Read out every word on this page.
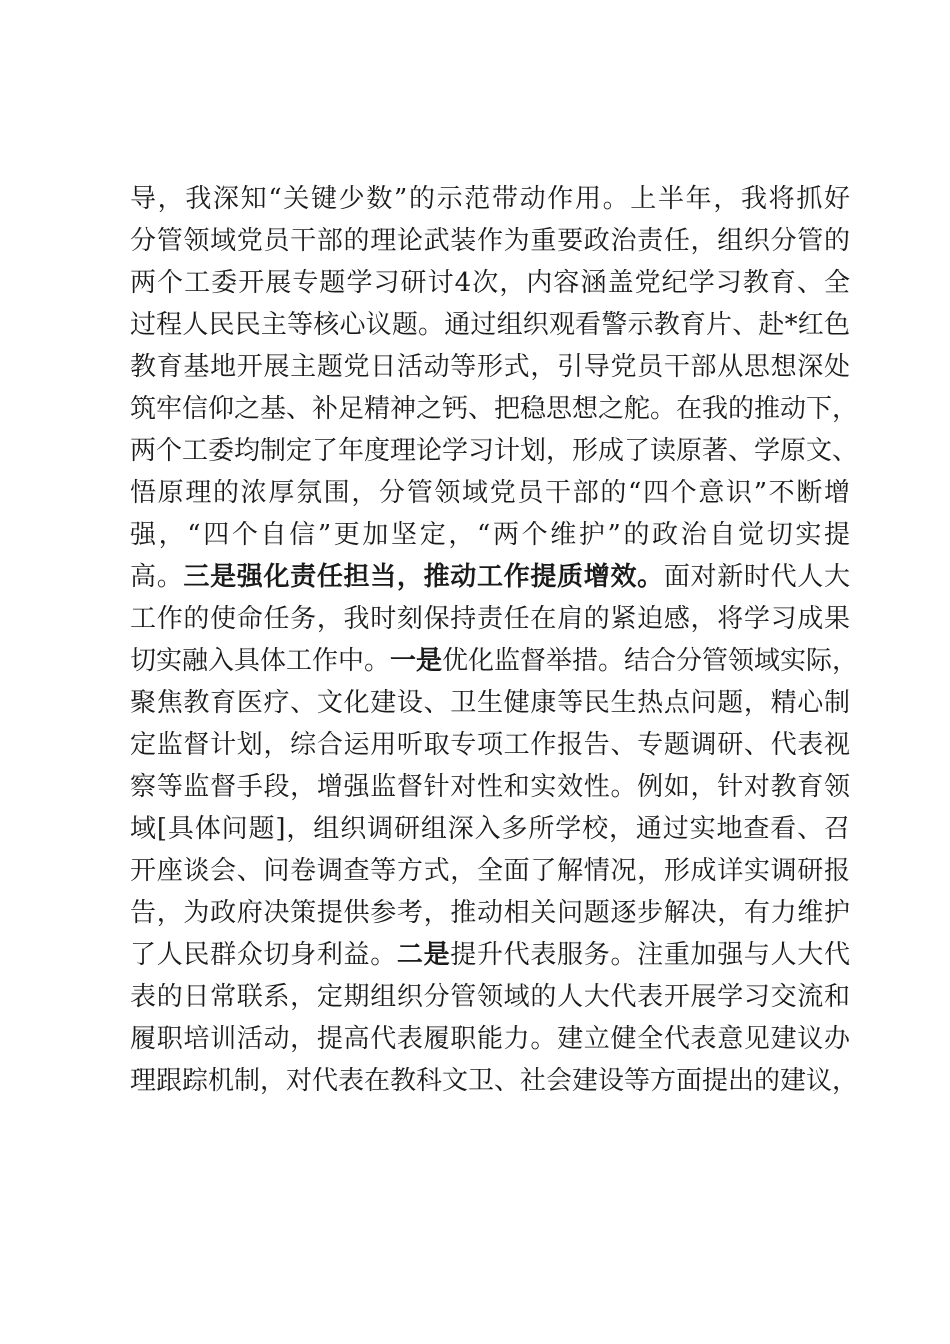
导，我深知“关键少数”的示范带动作用。上半年，我将抓好
分管领域党员干部的理论武装作为重要政治责任，组织分管的
两个工委开展专题学习研讨4次，内容涵盖党纪学习教育、全
过程人民民主等核心议题。通过组织观看警示教育片、赴*红色
教育基地开展主题党日活动等形式，引导党员干部从思想深处
筑牢信仰之基、补足精神之钙、把稳思想之舵。在我的推动下，
两个工委均制定了年度理论学习计划，形成了读原著、学原文、
悟原理的浓厚氛围，分管领域党员干部的“四个意识”不断增
强，“四个自信”更加坚定，“两个维护”的政治自觉切实提
高。三是强化责任担当，推动工作提质增效。面对新时代人大
工作的使命任务，我时刻保持责任在肩的紧迫感，将学习成果
切实融入具体工作中。一是优化监督举措。结合分管领域实际，
聚焦教育医疗、文化建设、卫生健康等民生热点问题，精心制
定监督计划，综合运用听取专项工作报告、专题调研、代表视
察等监督手段，增强监督针对性和实效性。例如，针对教育领
域[具体问题]，组织调研组深入多所学校，通过实地查看、召
开座谈会、问卷调查等方式，全面了解情况，形成详实调研报
告，为政府决策提供参考，推动相关问题逐步解决，有力维护
了人民群众切身利益。二是提升代表服务。注重加强与人大代
表的日常联系，定期组织分管领域的人大代表开展学习交流和
履职培训活动，提高代表履职能力。建立健全代表意见建议办
理跟踪机制，对代表在教科文卫、社会建设等方面提出的建议，
